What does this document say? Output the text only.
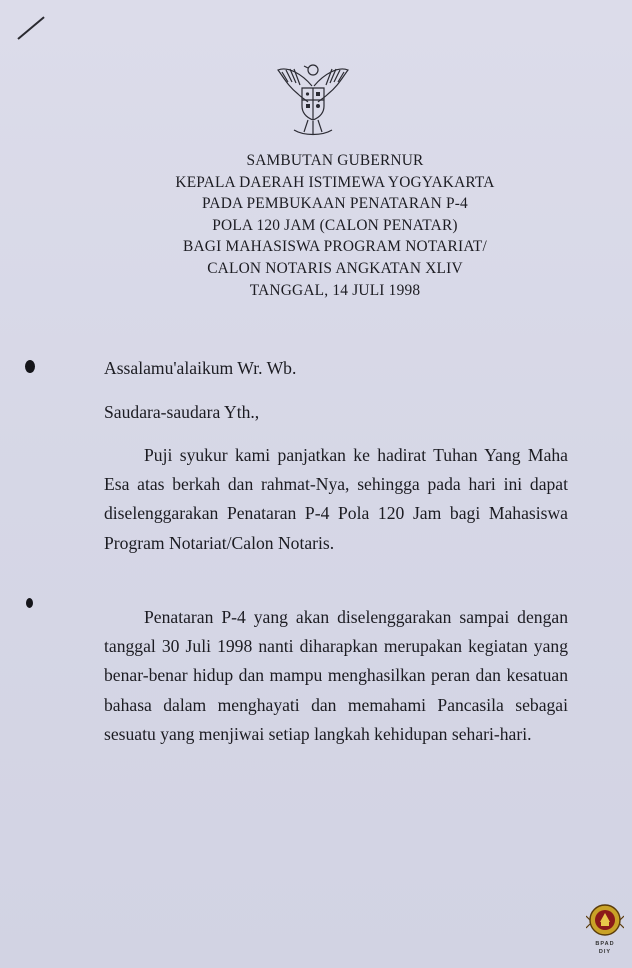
SAMBUTAN GUBERNUR
KEPALA DAERAH ISTIMEWA YOGYAKARTA
PADA PEMBUKAAN PENATARAN P-4
POLA 120 JAM (CALON PENATAR)
BAGI MAHASISWA PROGRAM NOTARIAT/
CALON NOTARIS ANGKATAN XLIV
TANGGAL, 14 JULI 1998
Assalamu'alaikum Wr. Wb.
Saudara-saudara Yth.,

Puji syukur kami panjatkan ke hadirat Tuhan Yang Maha Esa atas berkah dan rahmat-Nya, sehingga pada hari ini dapat diselenggarakan Penataran P-4 Pola 120 Jam bagi Mahasiswa Program Notariat/Calon Notaris.

Penataran P-4 yang akan diselenggarakan sampai dengan tanggal 30 Juli 1998 nanti diharapkan merupakan kegiatan yang benar-benar hidup dan mampu menghasilkan peran dan kesatuan bahasa dalam menghayati dan memahami Pancasila sebagai sesuatu yang menjiwai setiap langkah kehidupan sehari-hari.

BPAD
DIY
